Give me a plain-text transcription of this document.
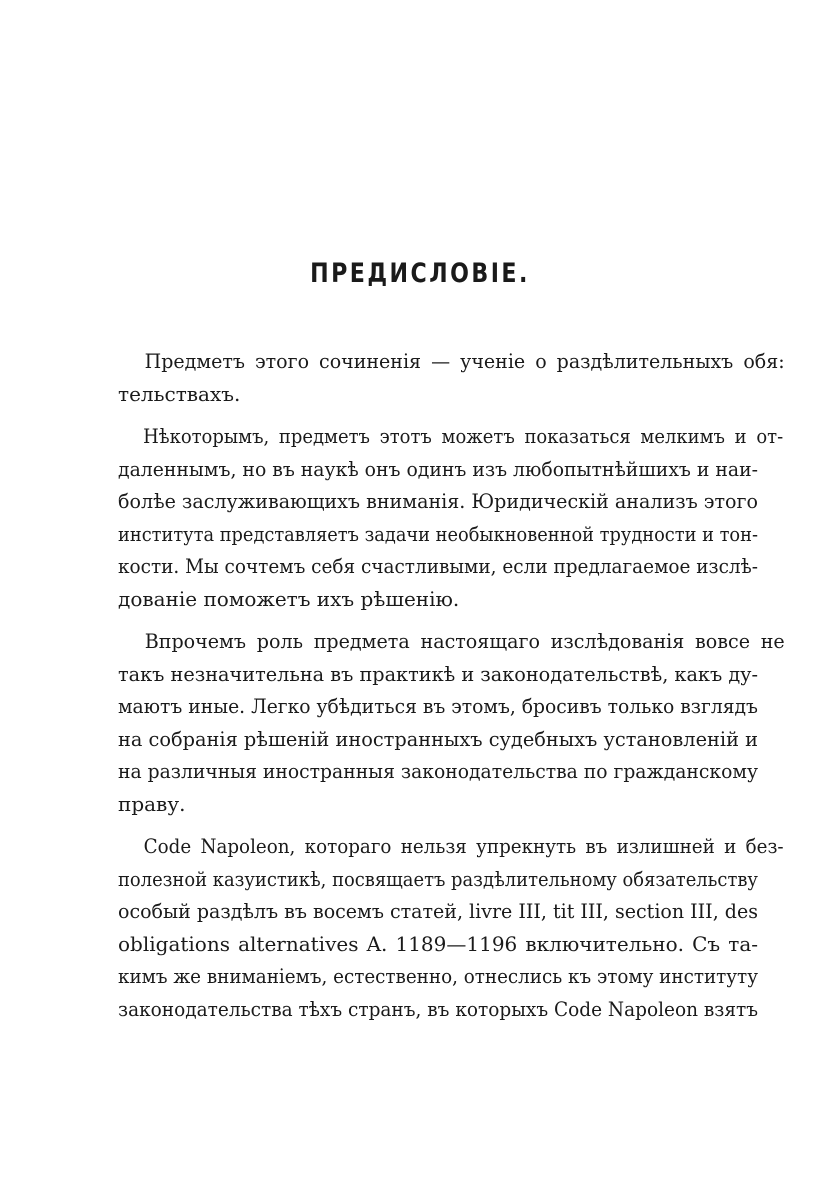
ПРЕДИСЛОВІЕ.
Предметъ этого сочиненія — ученіе о раздѣлительныхъ обя:
тельствахъ.
Нѣкоторымъ, предметъ этотъ можетъ показаться мелкимъ и от-
даленнымъ, но въ наукѣ онъ одинъ изъ любопытнѣйшихъ и наи-
болѣе заслуживающихъ вниманія. Юридическій анализъ этого
института представляетъ задачи необыкновенной трудности и тон-
кости. Мы сочтемъ себя счастливыми, если предлагаемое изслѣ-
дованіе поможетъ ихъ рѣшенію.
Впрочемъ роль предмета настоящаго изслѣдованія вовсе не
такъ незначительна въ практикѣ и законодательствѣ, какъ ду-
маютъ иные. Легко убѣдиться въ этомъ, бросивъ только взглядъ
на собранія рѣшеній иностранныхъ судебныхъ установленій и
на различныя иностранныя законодательства по гражданскому
праву.
Code Napoleon, котораго нельзя упрекнуть въ излишней и без-
полезной казуистикѣ, посвящаетъ раздѣлительному обязательству
особый раздѣлъ въ восемъ статей, livre III, tit III, section III, des
obligations alternatives A. 1189—1196 включительно. Съ та-
кимъ же вниманіемъ, естественно, отнеслись къ этому институту
законодательства тѣхъ странъ, въ которыхъ Code Napoleon взятъ
